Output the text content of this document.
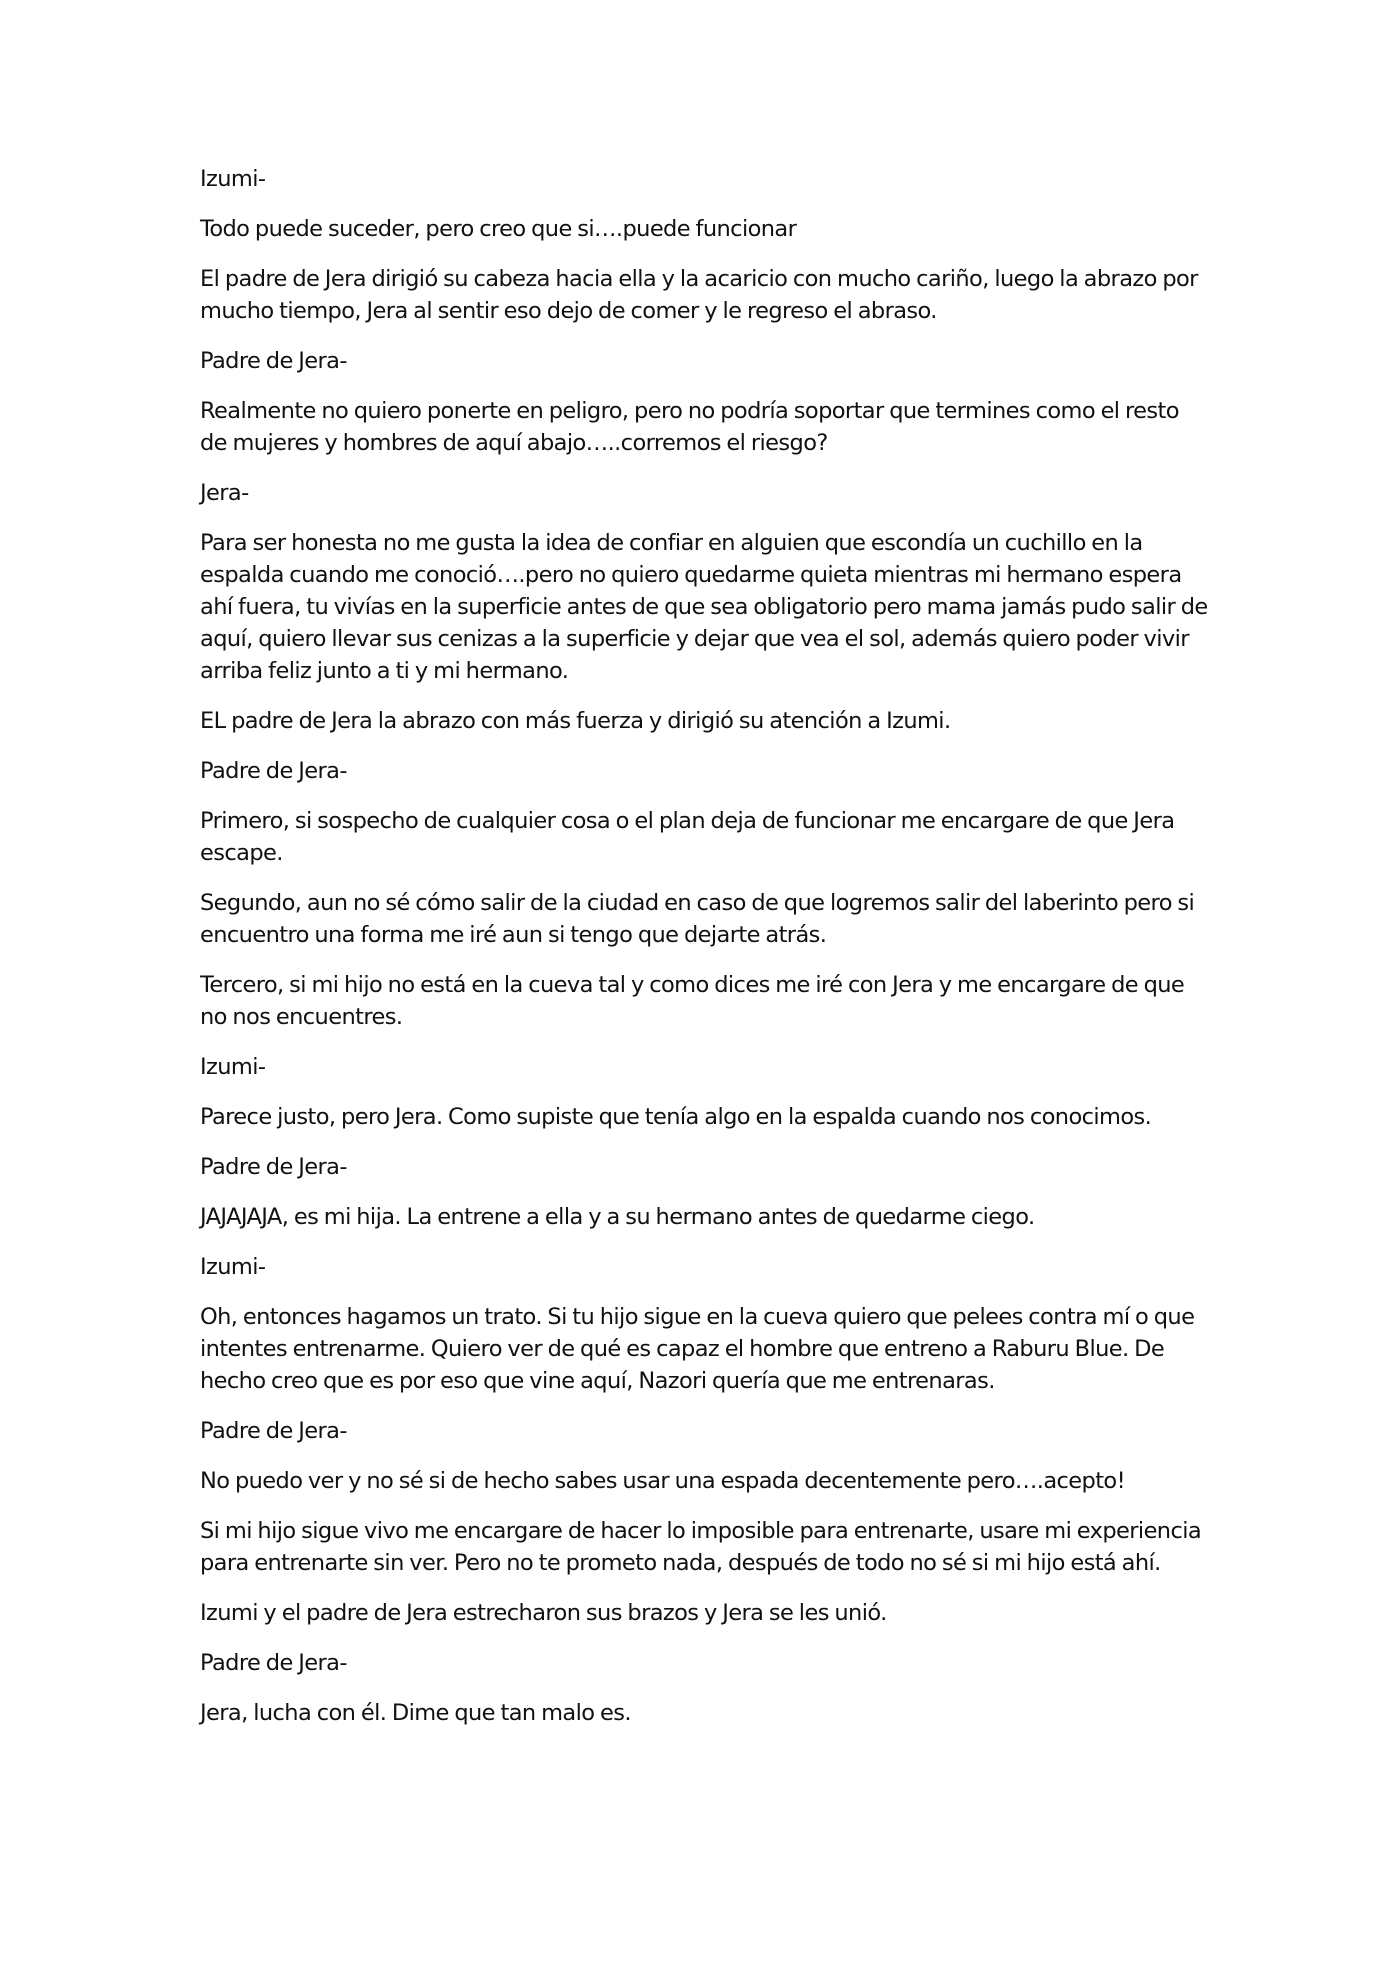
Izumi-

Todo puede suceder, pero creo que si….puede funcionar

El padre de Jera dirigió su cabeza hacia ella y la acaricio con mucho cariño, luego la abrazo por mucho tiempo, Jera al sentir eso dejo de comer y le regreso el abraso.

Padre de Jera-

Realmente no quiero ponerte en peligro, pero no podría soportar que termines como el resto de mujeres y hombres de aquí abajo…..corremos el riesgo?

Jera-

Para ser honesta no me gusta la idea de confiar en alguien que escondía un cuchillo en la espalda cuando me conoció….pero no quiero quedarme quieta mientras mi hermano espera ahí fuera, tu vivías en la superficie antes de que sea obligatorio pero mama jamás pudo salir de aquí, quiero llevar sus cenizas a la superficie y dejar que vea el sol, además quiero poder vivir arriba feliz junto a ti y mi hermano.

EL padre de Jera la abrazo con más fuerza y dirigió su atención a Izumi.

Padre de Jera-

Primero, si sospecho de cualquier cosa o el plan deja de funcionar me encargare de que Jera escape.

Segundo, aun no sé cómo salir de la ciudad en caso de que logremos salir del laberinto pero si encuentro una forma me iré aun si tengo que dejarte atrás.

Tercero, si mi hijo no está en la cueva tal y como dices me iré con Jera y me encargare de que no nos encuentres.

Izumi-

Parece justo, pero Jera. Como supiste que tenía algo en la espalda cuando nos conocimos.

Padre de Jera-

JAJAJAJA, es mi hija. La entrene a ella y a su hermano antes de quedarme ciego.

Izumi-

Oh, entonces hagamos un trato. Si tu hijo sigue en la cueva quiero que pelees contra mí o que intentes entrenarme. Quiero ver de qué es capaz el hombre que entreno a Raburu Blue. De hecho creo que es por eso que vine aquí, Nazori quería que me entrenaras.

Padre de Jera-

No puedo ver y no sé si de hecho sabes usar una espada decentemente pero….acepto!

Si mi hijo sigue vivo me encargare de hacer lo imposible para entrenarte, usare mi experiencia para entrenarte sin ver. Pero no te prometo nada, después de todo no sé si mi hijo está ahí.

Izumi y el padre de Jera estrecharon sus brazos y Jera se les unió.

Padre de Jera-

Jera, lucha con él. Dime que tan malo es.
